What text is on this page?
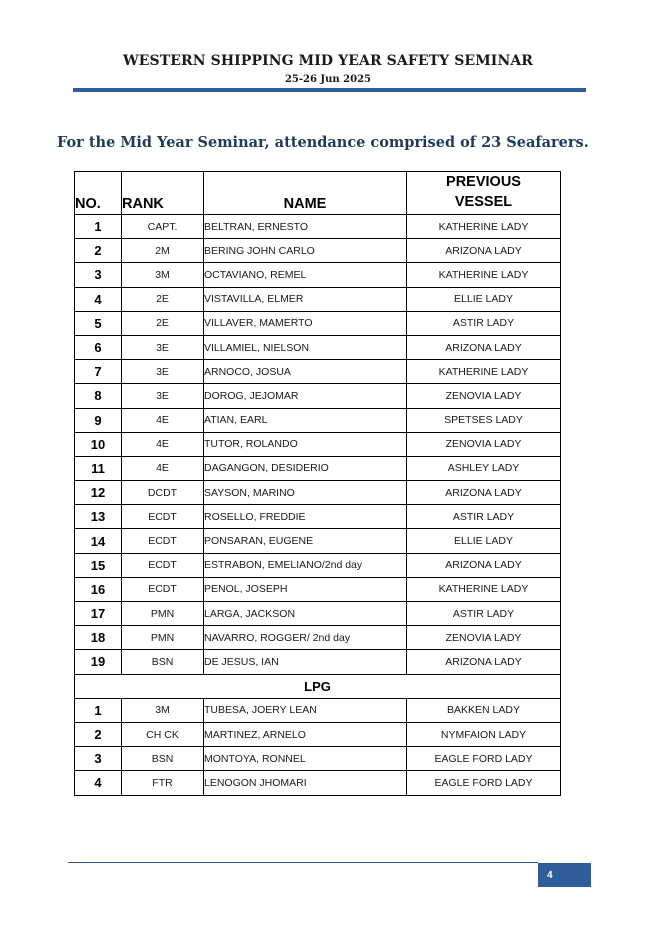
WESTERN SHIPPING MID YEAR SAFETY SEMINAR
25-26 Jun 2025
For the Mid Year Seminar, attendance comprised of 23 Seafarers.
NO.	RANK	NAME	PREVIOUS
VESSEL
1	CAPT.	BELTRAN, ERNESTO	KATHERINE LADY
2	2M	BERING JOHN CARLO	ARIZONA LADY
3	3M	OCTAVIANO, REMEL	KATHERINE LADY
4	2E	VISTAVILLA, ELMER	ELLIE LADY
5	2E	VILLAVER, MAMERTO	ASTIR LADY
6	3E	VILLAMIEL, NIELSON	ARIZONA LADY
7	3E	ARNOCO, JOSUA	KATHERINE LADY
8	3E	DOROG, JEJOMAR	ZENOVIA LADY
9	4E	ATIAN, EARL	SPETSES LADY
10	4E	TUTOR, ROLANDO	ZENOVIA LADY
11	4E	DAGANGON, DESIDERIO	ASHLEY LADY
12	DCDT	SAYSON, MARINO	ARIZONA LADY
13	ECDT	ROSELLO, FREDDIE	ASTIR LADY
14	ECDT	PONSARAN, EUGENE	ELLIE LADY
15	ECDT	ESTRABON, EMELIANO/2nd day	ARIZONA LADY
16	ECDT	PENOL, JOSEPH	KATHERINE LADY
17	PMN	LARGA, JACKSON	ASTIR LADY
18	PMN	NAVARRO, ROGGER/ 2nd day	ZENOVIA LADY
19	BSN	DE JESUS, IAN	ARIZONA LADY
LPG			
1	3M	TUBESA, JOERY LEAN	BAKKEN LADY
2	CH CK	MARTINEZ, ARNELO	NYMFAION LADY
3	BSN	MONTOYA, RONNEL	EAGLE FORD LADY
4	FTR	LENOGON JHOMARI	EAGLE FORD LADY
4
